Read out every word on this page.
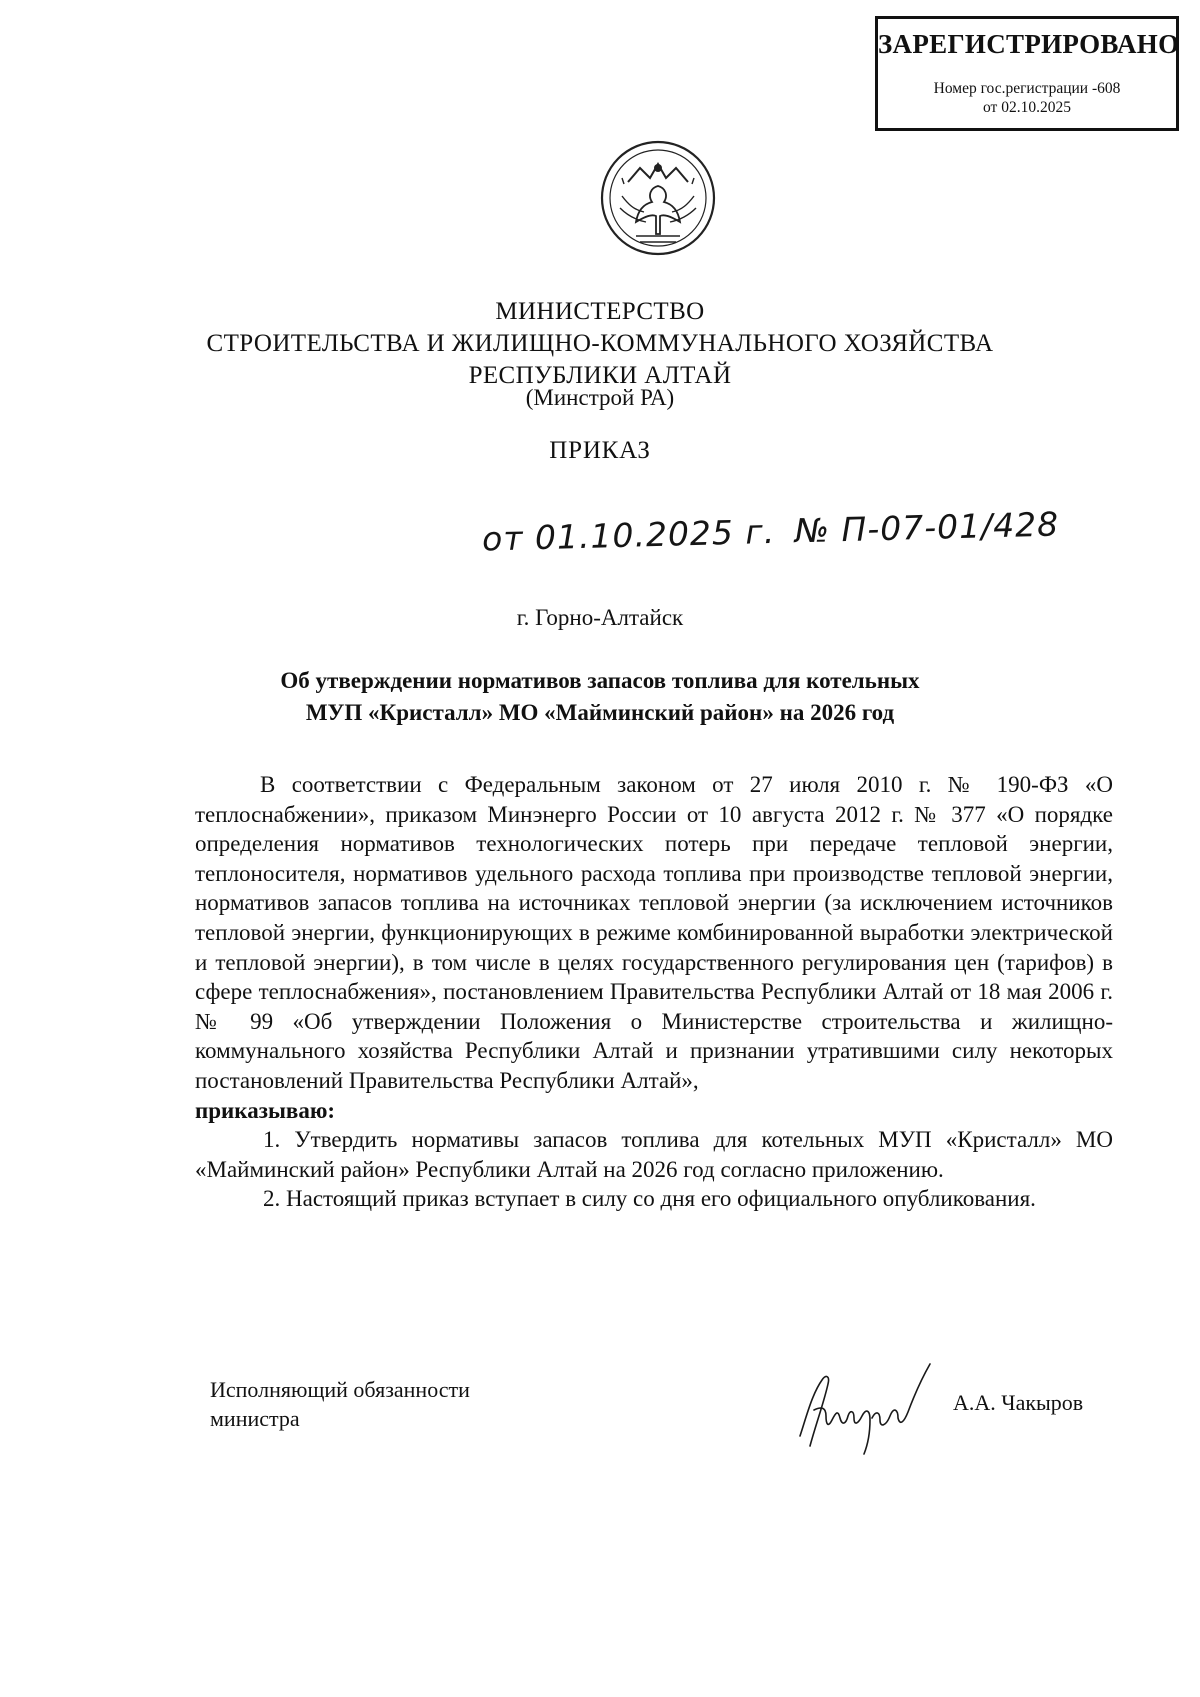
ЗАРЕГИСТРИРОВАНО
Номер гос.регистрации -608
от 02.10.2025
МИНИСТЕРСТВО
СТРОИТЕЛЬСТВА И ЖИЛИЩНО-КОММУНАЛЬНОГО ХОЗЯЙСТВА
РЕСПУБЛИКИ АЛТАЙ
(Минстрой РА)
ПРИКАЗ
от 01.10.2025 г. № П-07-01/428
г. Горно-Алтайск
Об утверждении нормативов запасов топлива для котельных
МУП «Кристалл» МО «Майминский район» на 2026 год

В соответствии с Федеральным законом от 27 июля 2010 г. № 190-ФЗ «О теплоснабжении», приказом Минэнерго России от 10 августа 2012 г. № 377 «О порядке определения нормативов технологических потерь при передаче тепловой энергии, теплоносителя, нормативов удельного расхода топлива при производстве тепловой энергии, нормативов запасов топлива на источниках тепловой энергии (за исключением источников тепловой энергии, функционирующих в режиме комбинированной выработки электрической и тепловой энергии), в том числе в целях государственного регулирования цен (тарифов) в сфере теплоснабжения», постановлением Правительства Республики Алтай от 18 мая 2006 г. № 99 «Об утверждении Положения о Министерстве строительства и жилищно-коммунального хозяйства Республики Алтай и признании утратившими силу некоторых постановлений Правительства Республики Алтай»,

приказываю:

1. Утвердить нормативы запасов топлива для котельных МУП «Кристалл» МО «Майминский район» Республики Алтай на 2026 год согласно приложению.

2. Настоящий приказ вступает в силу со дня его официального опубликования.

Исполняющий обязанности
министра
А.А. Чакыров
